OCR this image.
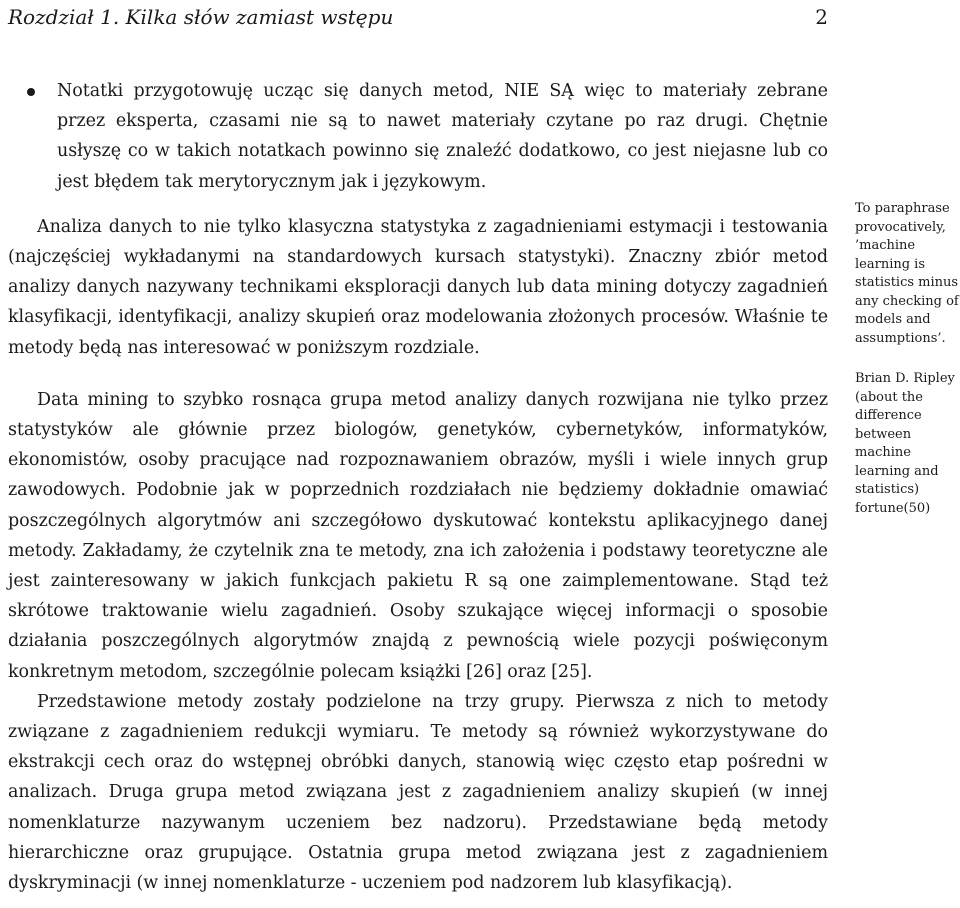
Rozdział 1. Kilka słów zamiast wstępu	2
Notatki przygotowuję ucząc się danych metod, NIE SĄ więc to materiały zebrane przez eksperta, czasami nie są to nawet materiały czytane po raz drugi. Chętnie usłyszę co w takich notatkach powinno się znaleźć dodatkowo, co jest niejasne lub co jest błędem tak merytorycznym jak i językowym.

Analiza danych to nie tylko klasyczna statystyka z zagadnieniami estymacji i testowania (najczęściej wykładanymi na standardowych kursach statystyki). Znaczny zbiór metod analizy danych nazywany technikami eksploracji danych lub data mining dotyczy zagadnień klasyfikacji, identyfikacji, analizy skupień oraz modelowania złożonych procesów. Właśnie te metody będą nas interesować w poniższym rozdziale.

Data mining to szybko rosnąca grupa metod analizy danych rozwijana nie tylko przez statystyków ale głównie przez biologów, genetyków, cybernetyków, informatyków, ekonomistów, osoby pracujące nad rozpoznawaniem obrazów, myśli i wiele innych grup zawodowych. Podobnie jak w poprzednich rozdziałach nie będziemy dokładnie omawiać poszczególnych algorytmów ani szczegółowo dyskutować kontekstu aplikacyjnego danej metody. Zakładamy, że czytelnik zna te metody, zna ich założenia i podstawy teoretyczne ale jest zainteresowany w jakich funkcjach pakietu R są one zaimplementowane. Stąd też skrótowe traktowanie wielu zagadnień. Osoby szukające więcej informacji o sposobie działania poszczególnych algorytmów znajdą z pewnością wiele pozycji poświęconym konkretnym metodom, szczególnie polecam książki [26] oraz [25].

Przedstawione metody zostały podzielone na trzy grupy. Pierwsza z nich to metody związane z zagadnieniem redukcji wymiaru. Te metody są również wykorzystywane do ekstrakcji cech oraz do wstępnej obróbki danych, stanowią więc często etap pośredni w analizach. Druga grupa metod związana jest z zagadnieniem analizy skupień (w innej nomenklaturze nazywanym uczeniem bez nadzoru). Przedstawiane będą metody hierarchiczne oraz grupujące. Ostatnia grupa metod związana jest z zagadnieniem dyskryminacji (w innej nomenklaturze - uczeniem pod nadzorem lub klasyfikacją).

To paraphrase provocatively, ’machine learning is statistics minus any checking of models and assumptions’.

Brian D. Ripley (about the difference between machine learning and statistics) fortune(50)
